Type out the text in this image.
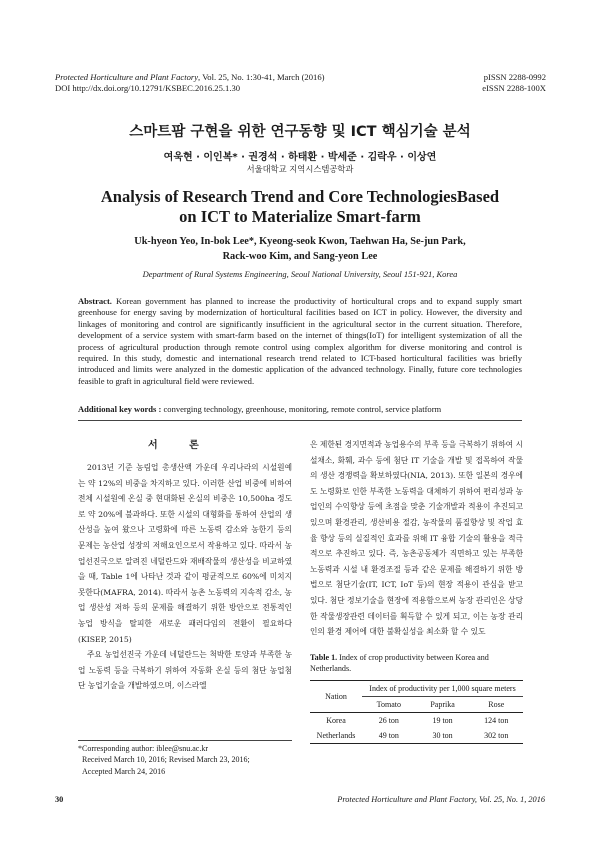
Protected Horticulture and Plant Factory, Vol. 25, No. 1:30-41, March (2016)
DOI http://dx.doi.org/10.12791/KSBEC.2016.25.1.30
pISSN 2288-0992
eISSN 2288-100X
스마트팜 구현을 위한 연구동향 및 ICT 핵심기술 분석
여욱현 · 이인복* · 권경석 · 하태환 · 박세준 · 김락우 · 이상연
서울대학교 지역시스템공학과
Analysis of Research Trend and Core TechnologiesBased
on ICT to Materialize Smart-farm
Uk-hyeon Yeo, In-bok Lee*, Kyeong-seok Kwon, Taehwan Ha, Se-jun Park,
Rack-woo Kim, and Sang-yeon Lee
Department of Rural Systems Engineering, Seoul National University, Seoul 151-921, Korea
Abstract. Korean government has planned to increase the productivity of horticultural crops and to expand supply smart greenhouse for energy saving by modernization of horticultural facilities based on ICT in policy. However, the diversity and linkages of monitoring and control are significantly insufficient in the agricultural sector in the current situation. Therefore, development of a service system with smart-farm based on the internet of things(IoT) for intelligent systemization of all the process of agricultural production through remote control using complex algorithm for diverse monitoring and control is required. In this study, domestic and international research trend related to ICT-based horticultural facilities was briefly introduced and limits were analyzed in the domestic application of the advanced technology. Finally, future core technologies feasible to graft in agricultural field were reviewed.
Additional key words : converging technology, greenhouse, monitoring, remote control, service platform
서 론

2013년 기준 농림업 총생산액 가운데 우리나라의 시설원예는 약 12%의 비중을 차지하고 있다. 이러한 산업 비중에 비하여 전체 시설원예 온실 중 현대화된 온실의 비중은 10,500ha 정도로 약 20%에 불과하다. 또한 시설의 대형화를 통하여 산업의 생산성을 높여 왔으나 고령화에 따른 노동력 감소와 농한기 등의 문제는 농산업 성장의 저해요인으로서 작용하고 있다. 따라서 농업선진국으로 알려진 네덜란드와 재배작물의 생산성을 비교하였을 때, Table 1에 나타난 것과 같이 평균적으로 60%에 미치지 못한다(MAFRA, 2014). 따라서 농촌 노동력의 지속적 감소, 농업 생산성 저하 등의 문제를 해결하기 위한 방안으로 전통적인 농업 방식을 탈피한 새로운 패러다임의 전환이 필요하다(KISEP, 2015)

주요 농업선진국 가운데 네덜란드는 척박한 토양과 부족한 농업 노동력 등을 극복하기 위하여 자동화 온실 등의 첨단 농업첨단 농업기술을 개발하였으며, 이스라엘

*Corresponding author: iblee@snu.ac.kr
Received March 10, 2016; Revised March 23, 2016;
Accepted March 24, 2016

은 제한된 경지면적과 농업용수의 부족 등을 극복하기 위하여 시설채소, 화훼, 과수 등에 첨단 IT 기술을 개발 및 접목하여 작물의 생산 경쟁력을 확보하였다(NIA, 2013). 또한 일본의 경우에도 노령화로 인한 부족한 노동력을 대체하기 위하여 편리성과 농업인의 수익향상 등에 초점을 맞춘 기술개발과 적용이 추진되고 있으며 환경관리, 생산비용 절감, 농작물의 품질향상 및 작업 효율 향상 등의 실질적인 효과를 위해 IT 융합 기술의 활용을 적극적으로 추진하고 있다. 즉, 농촌공동체가 직면하고 있는 부족한 노동력과 시설 내 환경조절 등과 같은 문제를 해결하기 위한 방법으로 첨단기술(IT, ICT, IoT 등)의 현장 적용이 관심을 받고 있다. 첨단 정보기술을 현장에 적용함으로써 농장 관리인은 상당한 작물생장관련 데이터를 획득할 수 있게 되고, 이는 농장 관리인의 환경 제어에 대한 불확실성을 최소화 할 수 있도

Table 1. Index of crop productivity between Korea and Netherlands.
Nation	Index of productivity per 1,000 square meters		
	Tomato	Paprika	Rose
Korea	26 ton	19 ton	124 ton
Netherlands	49 ton	30 ton	302 ton
30	Protected Horticulture and Plant Factory, Vol. 25, No. 1, 2016
